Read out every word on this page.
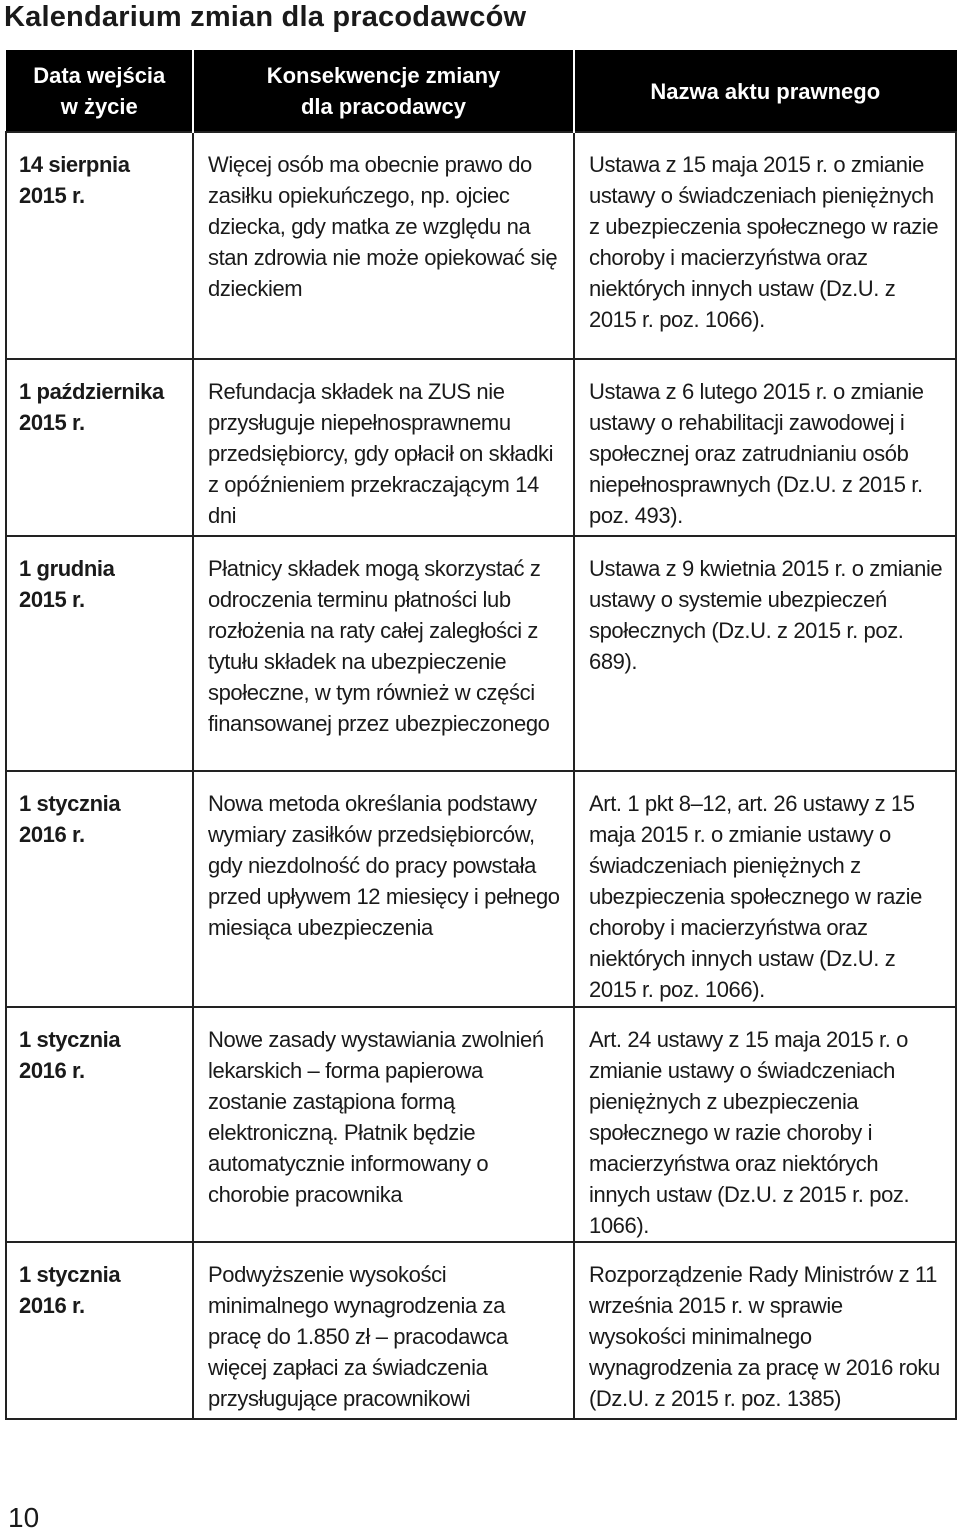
Kalendarium zmian dla pracodawców
Data wejścia
w życie	Konsekwencje zmiany
dla pracodawcy	Nazwa aktu prawnego

14 sierpnia
2015 r.	Więcej osób ma obecnie prawo do zasiłku opiekuńczego, np. ojciec dziecka, gdy matka ze względu na stan zdrowia nie może opiekować się dzieckiem	Ustawa z 15 maja 2015 r. o zmianie ustawy o świadczeniach pieniężnych z ubezpieczenia społecznego w razie choroby i macierzyństwa oraz niektórych innych ustaw (Dz.U. z 2015 r. poz. 1066).

1 października
2015 r.	Refundacja składek na ZUS nie przysługuje niepełnosprawnemu przedsiębiorcy, gdy opłacił on składki z opóźnieniem przekraczającym 14 dni	Ustawa z 6 lutego 2015 r. o zmianie ustawy o rehabilitacji zawodowej i społecznej oraz zatrudnianiu osób niepełnosprawnych (Dz.U. z 2015 r. poz. 493).

1 grudnia
2015 r.	Płatnicy składek mogą skorzystać z odroczenia terminu płatności lub rozłożenia na raty całej zaległości z tytułu składek na ubezpieczenie społeczne, w tym również w części finansowanej przez ubezpieczonego	Ustawa z 9 kwietnia 2015 r. o zmianie ustawy o systemie ubezpieczeń społecznych (Dz.U. z 2015 r. poz. 689).

1 stycznia
2016 r.	Nowa metoda określania podstawy wymiary zasiłków przedsiębiorców, gdy niezdolność do pracy powstała przed upływem 12 miesięcy i pełnego miesiąca ubezpieczenia	Art. 1 pkt 8–12, art. 26 ustawy z 15 maja 2015 r. o zmianie ustawy o świadczeniach pieniężnych z ubezpieczenia społecznego w razie choroby i macierzyństwa oraz niektórych innych ustaw (Dz.U. z 2015 r. poz. 1066).

1 stycznia
2016 r.	Nowe zasady wystawiania zwolnień lekarskich – forma papierowa zostanie zastąpiona formą elektroniczną. Płatnik będzie automatycznie informowany o chorobie pracownika	Art. 24 ustawy z 15 maja 2015 r. o zmianie ustawy o świadczeniach pieniężnych z ubezpieczenia społecznego w razie choroby i macierzyństwa oraz niektórych innych ustaw (Dz.U. z 2015 r. poz. 1066).

1 stycznia
2016 r.	Podwyższenie wysokości minimalnego wynagrodzenia za pracę do 1.850 zł – pracodawca więcej zapłaci za świadczenia przysługujące pracownikowi	Rozporządzenie Rady Ministrów z 11 września 2015 r. w sprawie wysokości minimalnego wynagrodzenia za pracę w 2016 roku (Dz.U. z 2015 r. poz. 1385)
10
